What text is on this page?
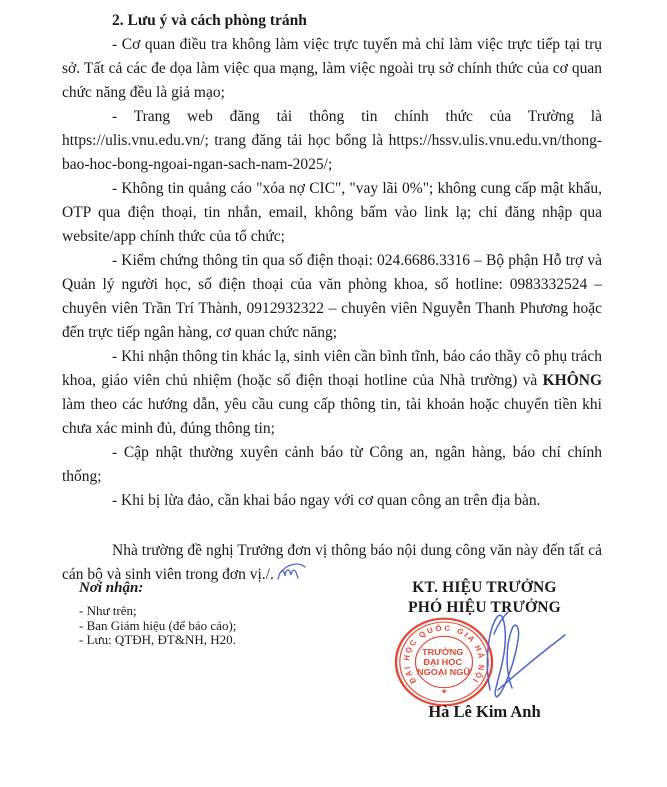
2. Lưu ý và cách phòng tránh

- Cơ quan điều tra không làm việc trực tuyến mà chỉ làm việc trực tiếp tại trụ sở. Tất cả các đe dọa làm việc qua mạng, làm việc ngoài trụ sở chính thức của cơ quan chức năng đều là giả mạo;

- Trang web đăng tải thông tin chính thức của Trường là https://ulis.vnu.edu.vn/; trang đăng tải học bổng là https://hssv.ulis.vnu.edu.vn/thong-bao-hoc-bong-ngoai-ngan-sach-nam-2025/;

- Không tin quảng cáo "xóa nợ CIC", "vay lãi 0%"; không cung cấp mật khẩu, OTP qua điện thoại, tin nhắn, email, không bấm vào link lạ; chỉ đăng nhập qua website/app chính thức của tổ chức;

- Kiểm chứng thông tin qua số điện thoại: 024.6686.3316 – Bộ phận Hỗ trợ và Quản lý người học, số điện thoại của văn phòng khoa, số hotline: 0983332524 – chuyên viên Trần Trí Thành, 0912932322 – chuyên viên Nguyễn Thanh Phương hoặc đến trực tiếp ngân hàng, cơ quan chức năng;

- Khi nhận thông tin khác lạ, sinh viên cần bình tĩnh, báo cáo thầy cô phụ trách khoa, giáo viên chủ nhiệm (hoặc số điện thoại hotline của Nhà trường) và KHÔNG làm theo các hướng dẫn, yêu cầu cung cấp thông tin, tài khoản hoặc chuyển tiền khi chưa xác minh đủ, đúng thông tin;

- Cập nhật thường xuyên cảnh báo từ Công an, ngân hàng, báo chí chính thống;

- Khi bị lừa đảo, cần khai báo ngay với cơ quan công an trên địa bàn.

Nhà trường đề nghị Trưởng đơn vị thông báo nội dung công văn này đến tất cả cán bộ và sinh viên trong đơn vị./.

Nơi nhận:
- Như trên;
- Ban Giám hiệu (để báo cáo);
- Lưu: QTĐH, ĐT&NH, H20.
KT. HIỆU TRƯỞNG
PHÓ HIỆU TRƯỞNG
ĐẠI HỌC QUỐC GIA HÀ NỘI
TRƯỜNG ĐẠI HỌC NGOẠI NGỮ
★
Hà Lê Kim Anh
